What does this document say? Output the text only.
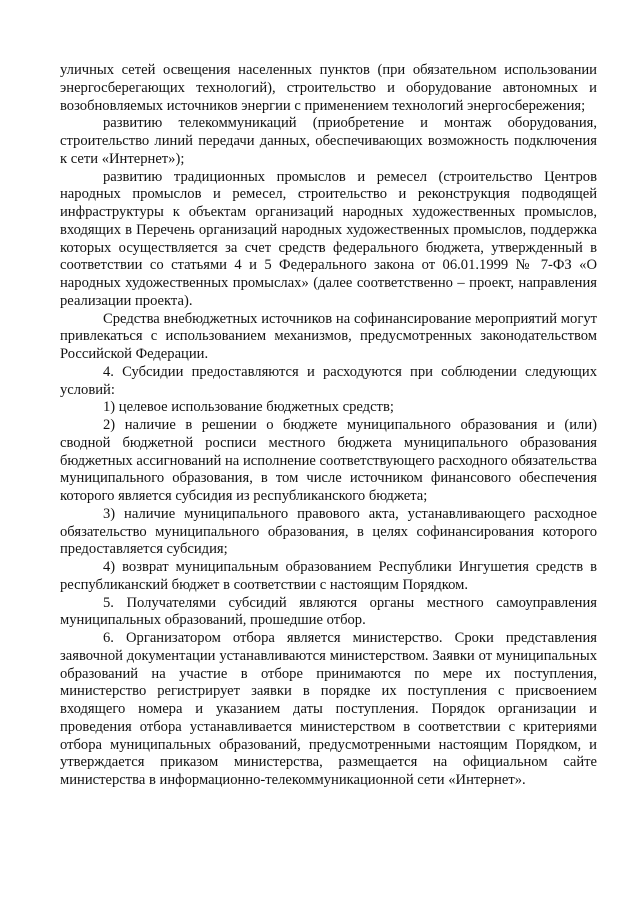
уличных сетей освещения населенных пунктов (при обязательном использовании энергосберегающих технологий), строительство и оборудование автономных и возобновляемых источников энергии с применением технологий энергосбережения;

развитию телекоммуникаций (приобретение и монтаж оборудования, строительство линий передачи данных, обеспечивающих возможность подключения к сети «Интернет»);

развитию традиционных промыслов и ремесел (строительство Центров народных промыслов и ремесел, строительство и реконструкция подводящей инфраструктуры к объектам организаций народных художественных промыслов, входящих в Перечень организаций народных художественных промыслов, поддержка которых осуществляется за счет средств федерального бюджета, утвержденный в соответствии со статьями 4 и 5 Федерального закона от 06.01.1999 № 7-ФЗ «О народных художественных промыслах» (далее соответственно – проект, направления реализации проекта).

Средства внебюджетных источников на софинансирование мероприятий могут привлекаться с использованием механизмов, предусмотренных законодательством Российской Федерации.

4. Субсидии предоставляются и расходуются при соблюдении следующих условий:

1) целевое использование бюджетных средств;

2) наличие в решении о бюджете муниципального образования и (или) сводной бюджетной росписи местного бюджета муниципального образования бюджетных ассигнований на исполнение соответствующего расходного обязательства муниципального образования, в том числе источником финансового обеспечения которого является субсидия из республиканского бюджета;

3) наличие муниципального правового акта, устанавливающего расходное обязательство муниципального образования, в целях софинансирования которого предоставляется субсидия;

4) возврат муниципальным образованием Республики Ингушетия средств в республиканский бюджет в соответствии с настоящим Порядком.

5. Получателями субсидий являются органы местного самоуправления муниципальных образований, прошедшие отбор.

6. Организатором отбора является министерство. Сроки представления заявочной документации устанавливаются министерством. Заявки от муниципальных образований на участие в отборе принимаются по мере их поступления, министерство регистрирует заявки в порядке их поступления с присвоением входящего номера и указанием даты поступления. Порядок организации и проведения отбора устанавливается министерством в соответствии с критериями отбора муниципальных образований, предусмотренными настоящим Порядком, и утверждается приказом министерства, размещается на официальном сайте министерства в информационно-телекоммуникационной сети «Интернет».
